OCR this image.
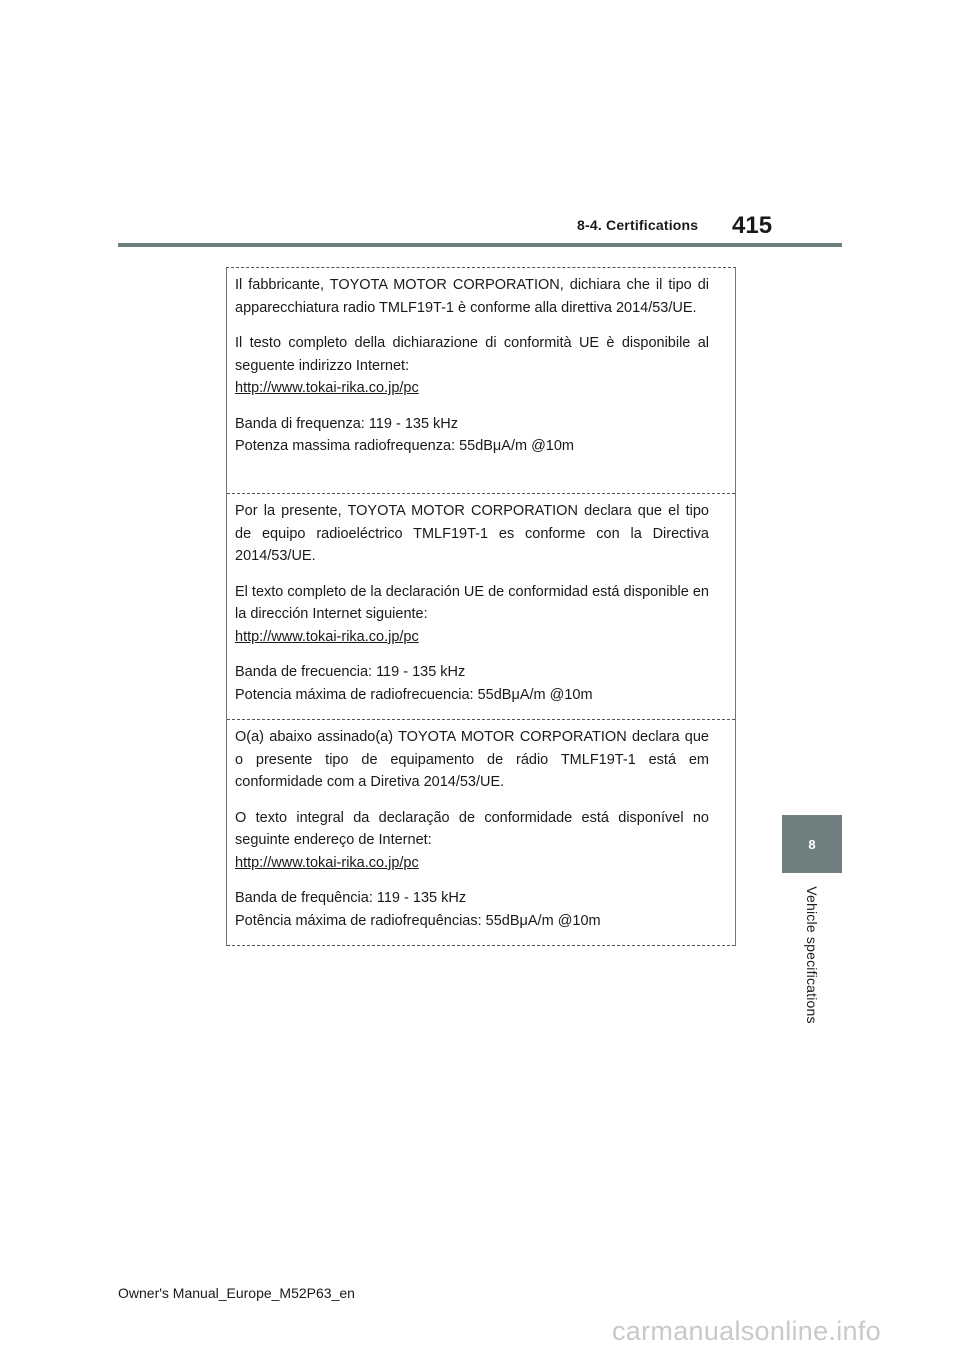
8-4. Certifications 415
8
Vehicle specifications

Il fabbricante, TOYOTA MOTOR CORPORATION, dichiara che il tipo di apparecchiatura radio TMLF19T-1 è conforme alla direttiva 2014/53/UE.

Il testo completo della dichiarazione di conformità UE è disponibile al seguente indirizzo Internet:
http://www.tokai-rika.co.jp/pc

Banda di frequenza: 119 - 135 kHz

Potenza massima radiofrequenza: 55dBμA/m @10m

Por la presente, TOYOTA MOTOR CORPORATION declara que el tipo de equipo radioeléctrico TMLF19T-1 es conforme con la Directiva 2014/53/UE.

El texto completo de la declaración UE de conformidad está disponible en la dirección Internet siguiente:
http://www.tokai-rika.co.jp/pc

Banda de frecuencia: 119 - 135 kHz

Potencia máxima de radiofrecuencia: 55dBμA/m @10m

O(a) abaixo assinado(a) TOYOTA MOTOR CORPORATION declara que o presente tipo de equipamento de rádio TMLF19T-1 está em conformidade com a Diretiva 2014/53/UE.

O texto integral da declaração de conformidade está disponível no seguinte endereço de Internet:
http://www.tokai-rika.co.jp/pc

Banda de frequência: 119 - 135 kHz

Potência máxima de radiofrequências: 55dBμA/m @10m

Owner's Manual_Europe_M52P63_en
carmanualsonline.info
